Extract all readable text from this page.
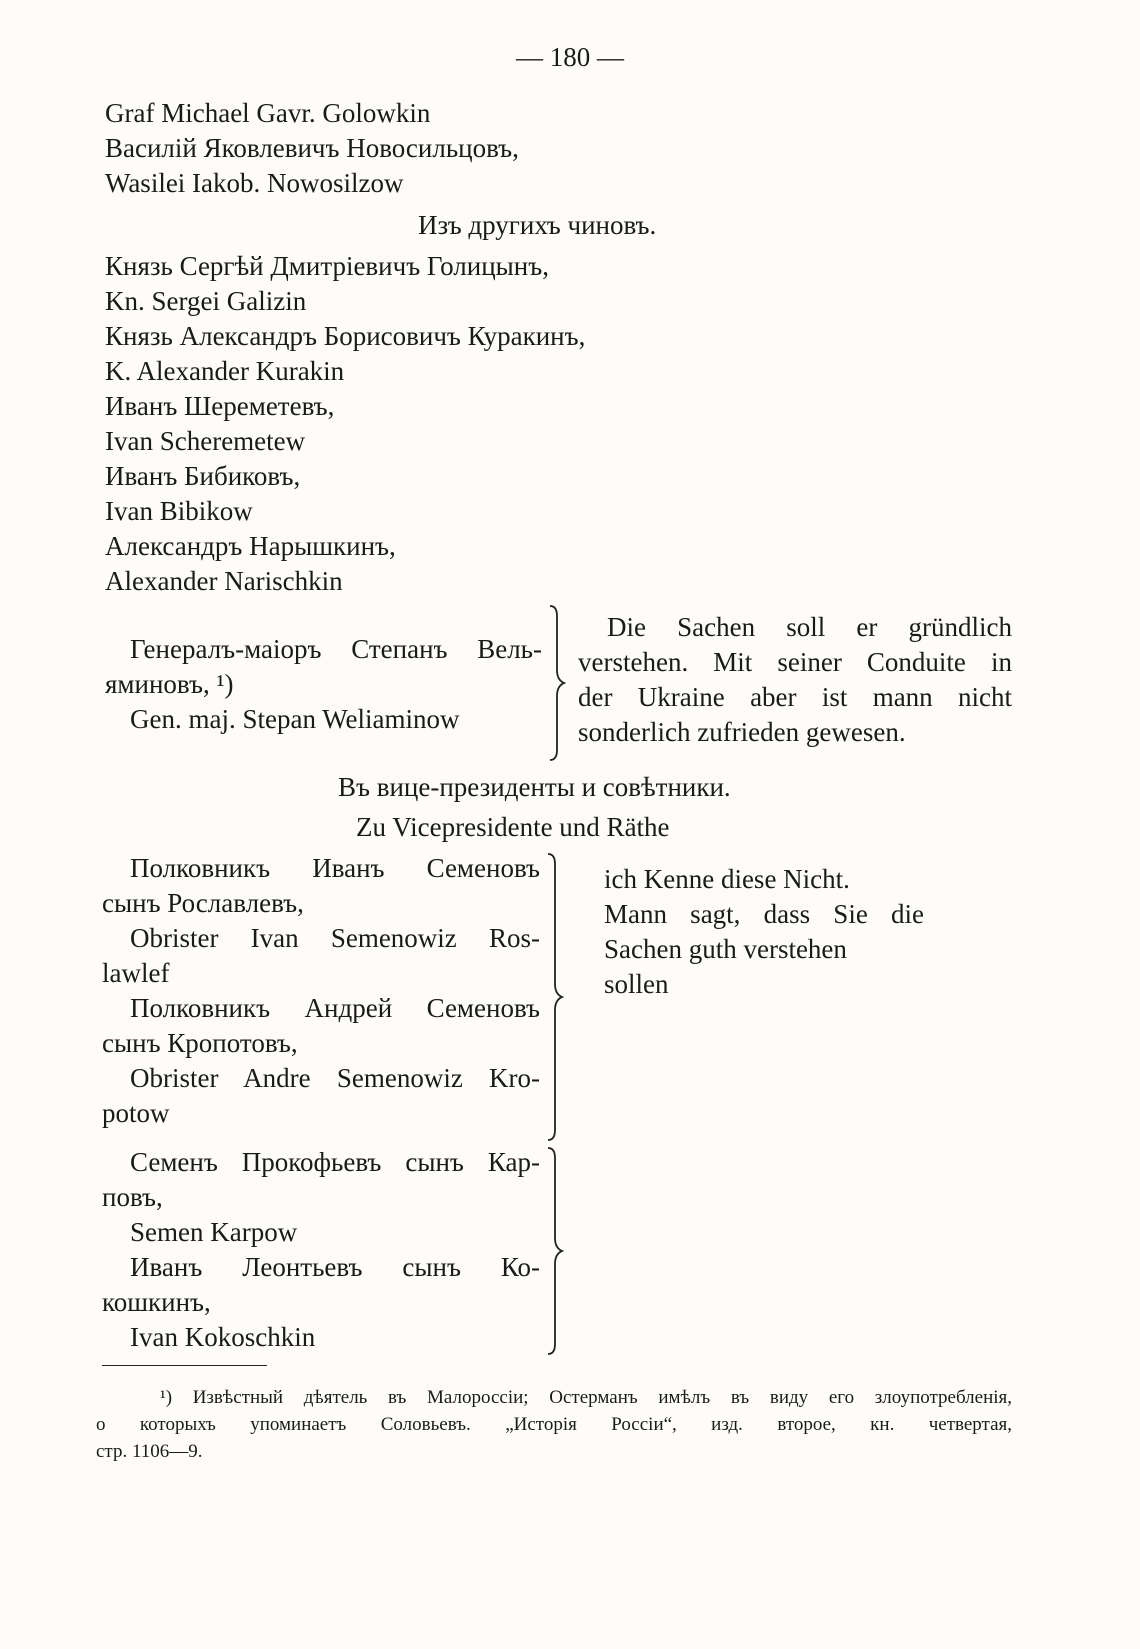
— 180 —
Graf Michael Gavr. Golowkin
Василій Яковлевичъ Новосильцовъ,
Wasilei Iakob. Nowosilzow
Изъ другихъ чиновъ.
Князь Сергѣй Дмитріевичъ Голицынъ,
Kn. Sergei Galizin
Князь Александръ Борисовичъ Куракинъ,
K. Alexander Kurakin
Иванъ Шереметевъ,
Ivan Scheremetew
Иванъ Бибиковъ,
Ivan Bibikow
Александръ Нарышкинъ,
Alexander Narischkin
Генералъ-маіоръ Степанъ Вель-
яминовъ, ¹)
Gen. maj. Stepan Weliaminow
Die Sachen soll er gründlich
verstehen. Mit seiner Conduite in
der Ukraine aber ist mann nicht
sonderlich zufrieden gewesen.
Въ вице-президенты и совѣтники.
Zu Vicepresidente und Räthe
Полковникъ Иванъ Семеновъ
сынъ Рославлевъ,
Obrister Ivan Semenowiz Ros-
lawlef
Полковникъ Андрей Семеновъ
сынъ Кропотовъ,
Obrister Andre Semenowiz Kro-
potow
ich Kenne diese Nicht.
Mann sagt, dass Sie die
Sachen guth verstehen
sollen
Семенъ Прокофьевъ сынъ Кар-
повъ,
Semen Karpow
Иванъ Леонтьевъ сынъ Ко-
кошкинъ,
Ivan Kokoschkin
¹) Извѣстный дѣятель въ Малороссіи; Остерманъ имѣлъ въ виду его злоупотребленія,
о которыхъ упоминаетъ Соловьевъ. „Исторія Россіи“, изд. второе, кн. четвертая,
стр. 1106—9.
